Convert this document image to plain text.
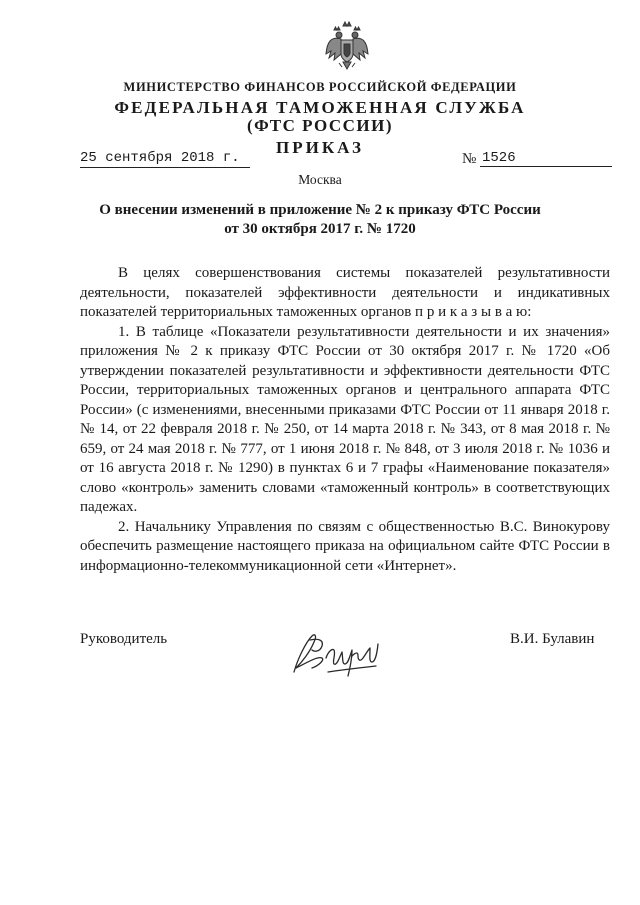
МИНИСТЕРСТВО ФИНАНСОВ РОССИЙСКОЙ ФЕДЕРАЦИИ
ФЕДЕРАЛЬНАЯ ТАМОЖЕННАЯ СЛУЖБА
(ФТС РОССИИ)
ПРИКАЗ
25 сентября 2018 г.	№ 1526
Москва
О внесении изменений в приложение № 2 к приказу ФТС России
от 30 октября 2017 г. № 1720

В целях совершенствования системы показателей результативности деятельности, показателей эффективности деятельности и индикативных показателей территориальных таможенных органов п р и к а з ы в а ю:

1. В таблице «Показатели результативности деятельности и их значения» приложения № 2 к приказу ФТС России от 30 октября 2017 г. № 1720 «Об утверждении показателей результативности и эффективности деятельности ФТС России, территориальных таможенных органов и центрального аппарата ФТС России» (с изменениями, внесенными приказами ФТС России от 11 января 2018 г. № 14, от 22 февраля 2018 г. № 250, от 14 марта 2018 г. № 343, от 8 мая 2018 г. № 659, от 24 мая 2018 г. № 777, от 1 июня 2018 г. № 848, от 3 июля 2018 г. № 1036 и от 16 августа 2018 г. № 1290) в пунктах 6 и 7 графы «Наименование показателя» слово «контроль» заменить словами «таможенный контроль» в соответствующих падежах.

2. Начальнику Управления по связям с общественностью В.С. Винокурову обеспечить размещение настоящего приказа на официальном сайте ФТС России в информационно-телекоммуникационной сети «Интернет».

Руководитель	В.И. Булавин
